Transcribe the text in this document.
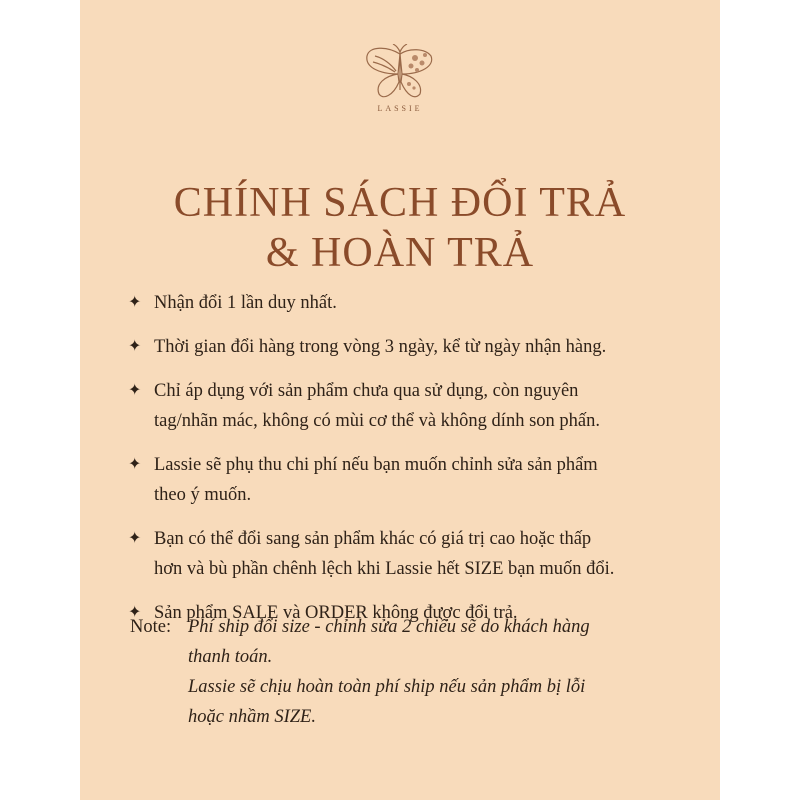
LASSIE
CHÍNH SÁCH ĐỔI TRẢ
& HOÀN TRẢ
✦ Nhận đổi 1 lần duy nhất.
✦ Thời gian đổi hàng trong vòng 3 ngày, kể từ ngày nhận hàng.
✦ Chỉ áp dụng với sản phẩm chưa qua sử dụng, còn nguyên
tag/nhãn mác, không có mùi cơ thể và không dính son phấn.
✦ Lassie sẽ phụ thu chi phí nếu bạn muốn chỉnh sửa sản phẩm
theo ý muốn.
✦ Bạn có thể đổi sang sản phẩm khác có giá trị cao hoặc thấp
hơn và bù phần chênh lệch khi Lassie hết SIZE bạn muốn đổi.
✦ Sản phẩm SALE và ORDER không được đổi trả.
Note: Phí ship đổi size - chỉnh sửa 2 chiều sẽ do khách hàng
thanh toán.
Lassie sẽ chịu hoàn toàn phí ship nếu sản phẩm bị lỗi
hoặc nhầm SIZE.
